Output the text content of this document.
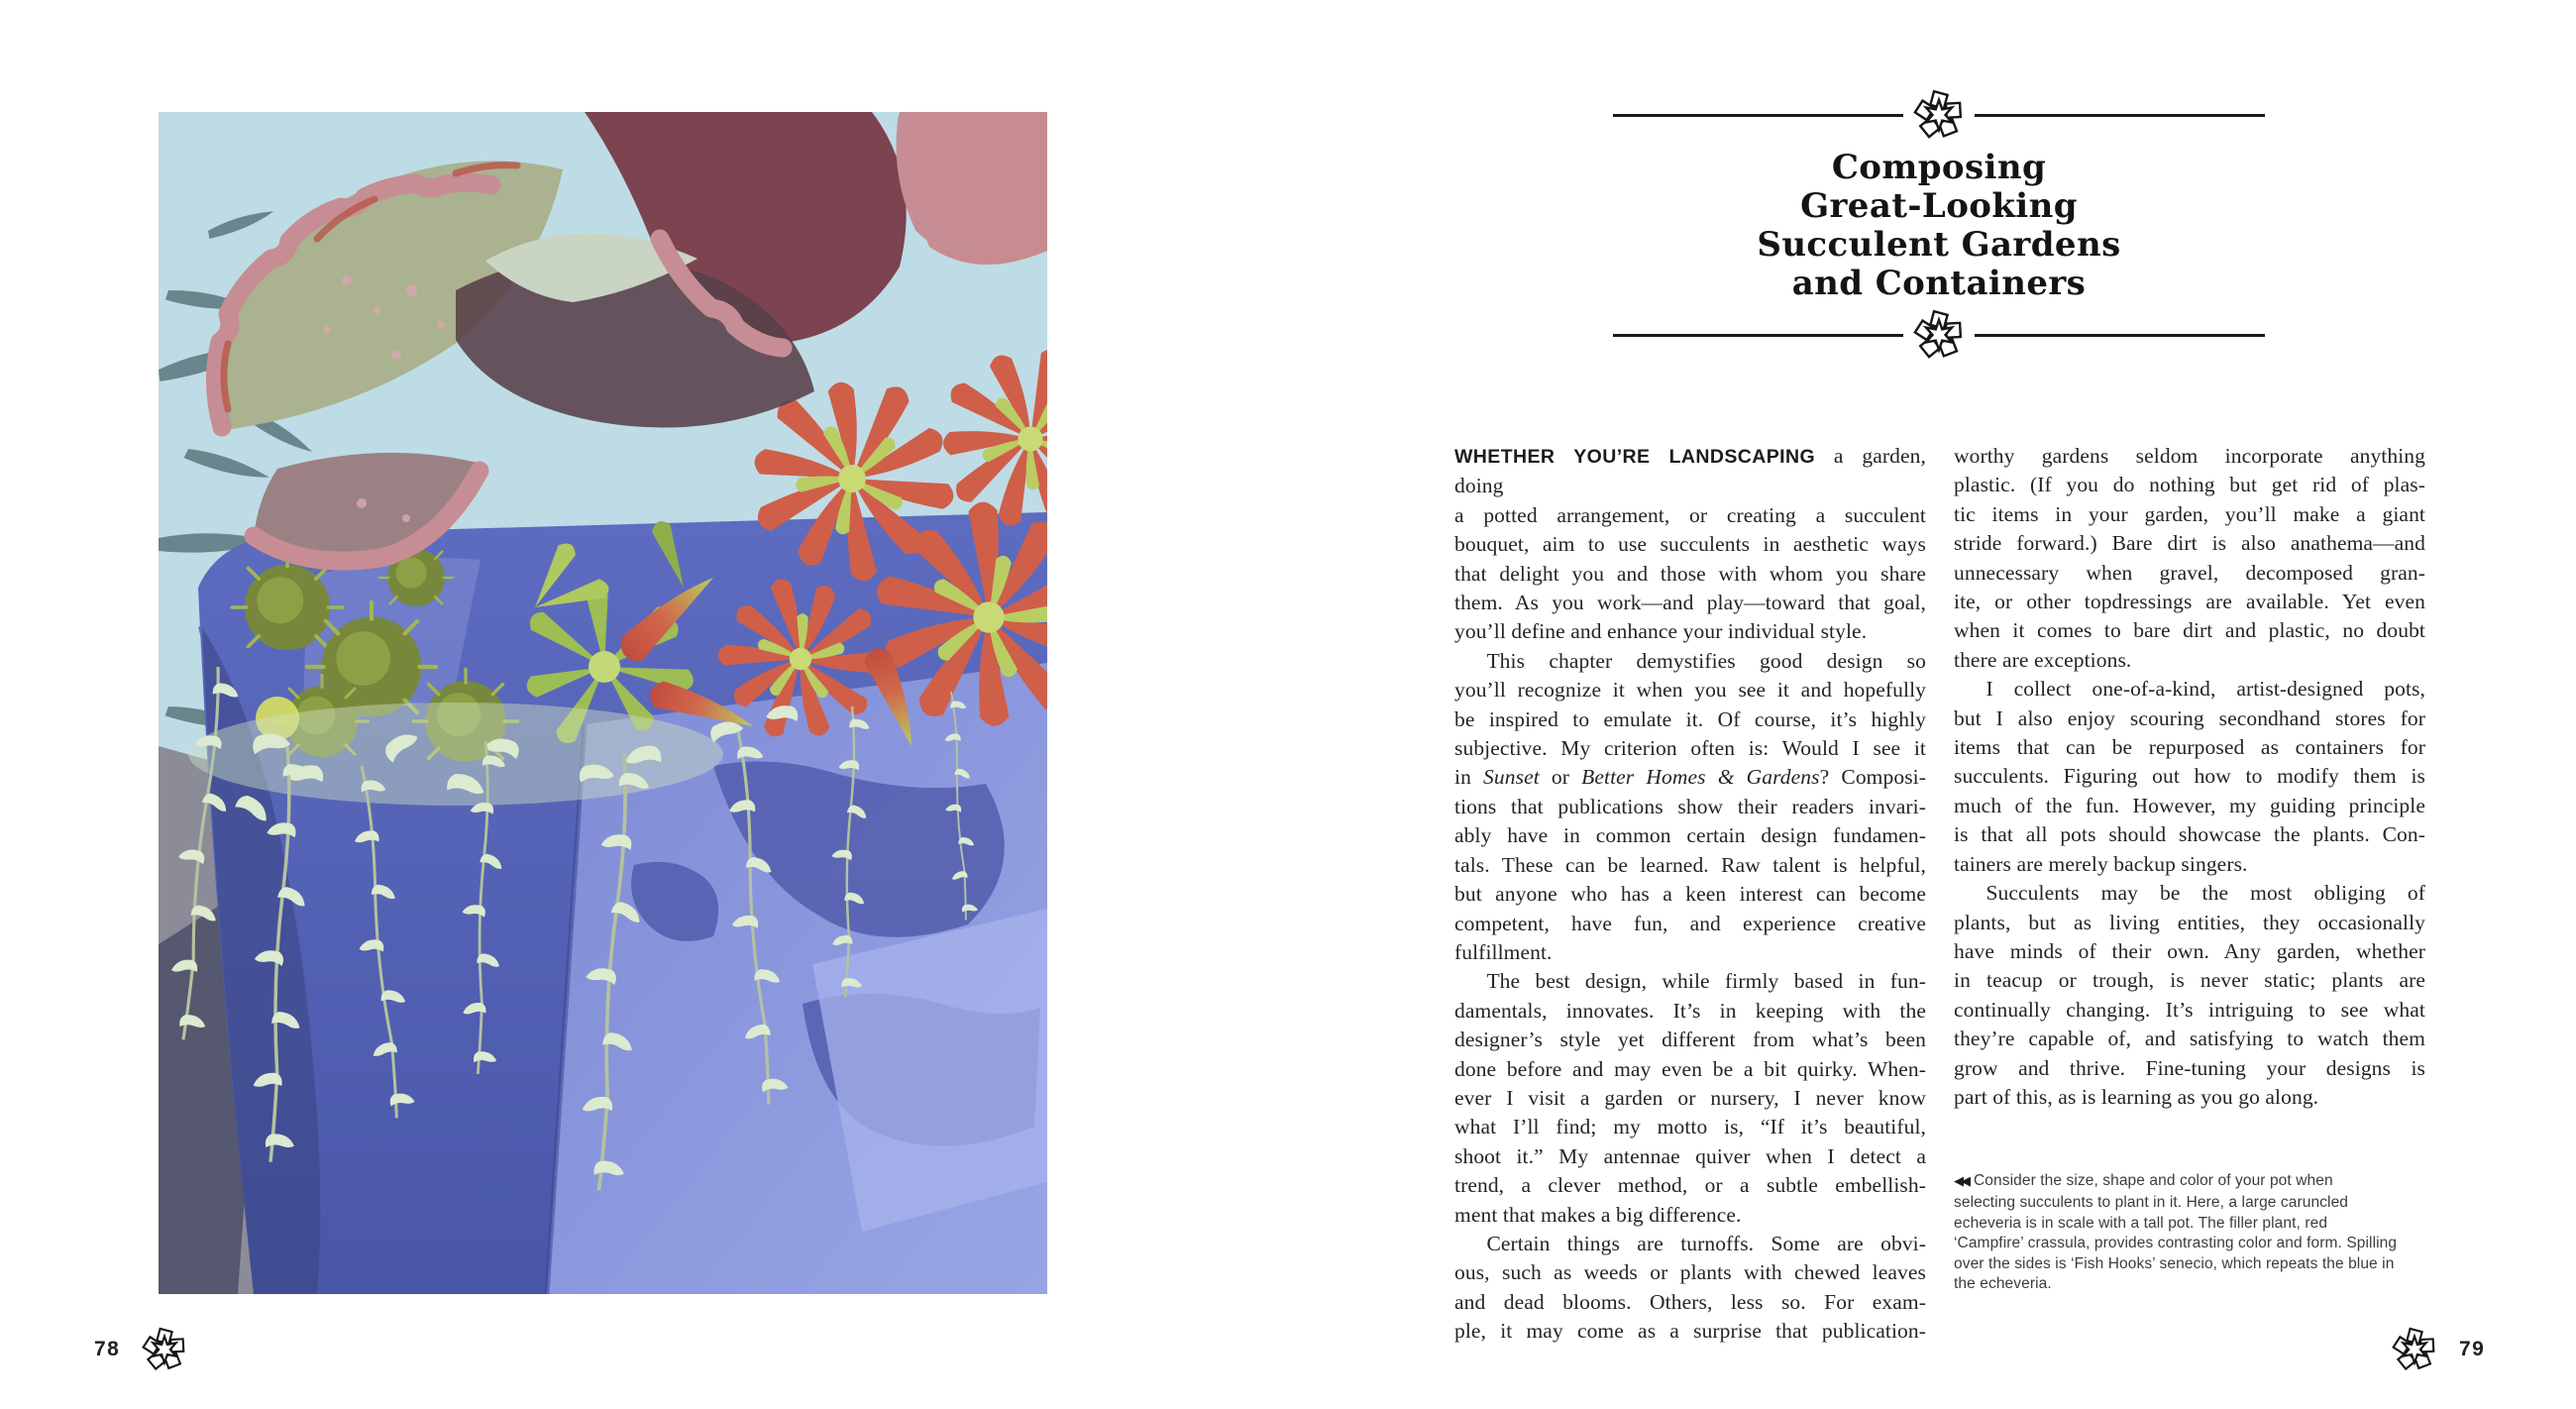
78
Composing
Great-Looking
Succulent Gardens
and Containers
WHETHER YOU’RE LANDSCAPING a garden, doing
a potted arrangement, or creating a succulent
bouquet, aim to use succulents in aesthetic ways
that delight you and those with whom you share
them. As you work—and play—toward that goal,
you’ll define and enhance your individual style.
  This chapter demystifies good design so
you’ll recognize it when you see it and hopefully
be inspired to emulate it. Of course, it’s highly
subjective. My criterion often is: Would I see it
in Sunset or Better Homes & Gardens? Composi-
tions that publications show their readers invari-
ably have in common certain design fundamen-
tals. These can be learned. Raw talent is helpful,
but anyone who has a keen interest can become
competent, have fun, and experience creative
fulfillment.
  The best design, while firmly based in fun-
damentals, innovates. It’s in keeping with the
designer’s style yet different from what’s been
done before and may even be a bit quirky. When-
ever I visit a garden or nursery, I never know
what I’ll find; my motto is, “If it’s beautiful,
shoot it.” My antennae quiver when I detect a
trend, a clever method, or a subtle embellish-
ment that makes a big difference.
  Certain things are turnoffs. Some are obvi-
ous, such as weeds or plants with chewed leaves
and dead blooms. Others, less so. For exam-
ple, it may come as a surprise that publication-
worthy gardens seldom incorporate anything
plastic. (If you do nothing but get rid of plas-
tic items in your garden, you’ll make a giant
stride forward.) Bare dirt is also anathema—and
unnecessary when gravel, decomposed gran-
ite, or other topdressings are available. Yet even
when it comes to bare dirt and plastic, no doubt
there are exceptions.
  I collect one-of-a-kind, artist-designed pots,
but I also enjoy scouring secondhand stores for
items that can be repurposed as containers for
succulents. Figuring out how to modify them is
much of the fun. However, my guiding principle
is that all pots should showcase the plants. Con-
tainers are merely backup singers.
  Succulents may be the most obliging of
plants, but as living entities, they occasionally
have minds of their own. Any garden, whether
in teacup or trough, is never static; plants are
continually changing. It’s intriguing to see what
they’re capable of, and satisfying to watch them
grow and thrive. Fine-tuning your designs is
part of this, as is learning as you go along.
◀◀ Consider the size, shape and color of your pot when
selecting succulents to plant in it. Here, a large caruncled
echeveria is in scale with a tall pot. The filler plant, red
‘Campfire’ crassula, provides contrasting color and form. Spilling
over the sides is ‘Fish Hooks’ senecio, which repeats the blue in
the echeveria.
79
